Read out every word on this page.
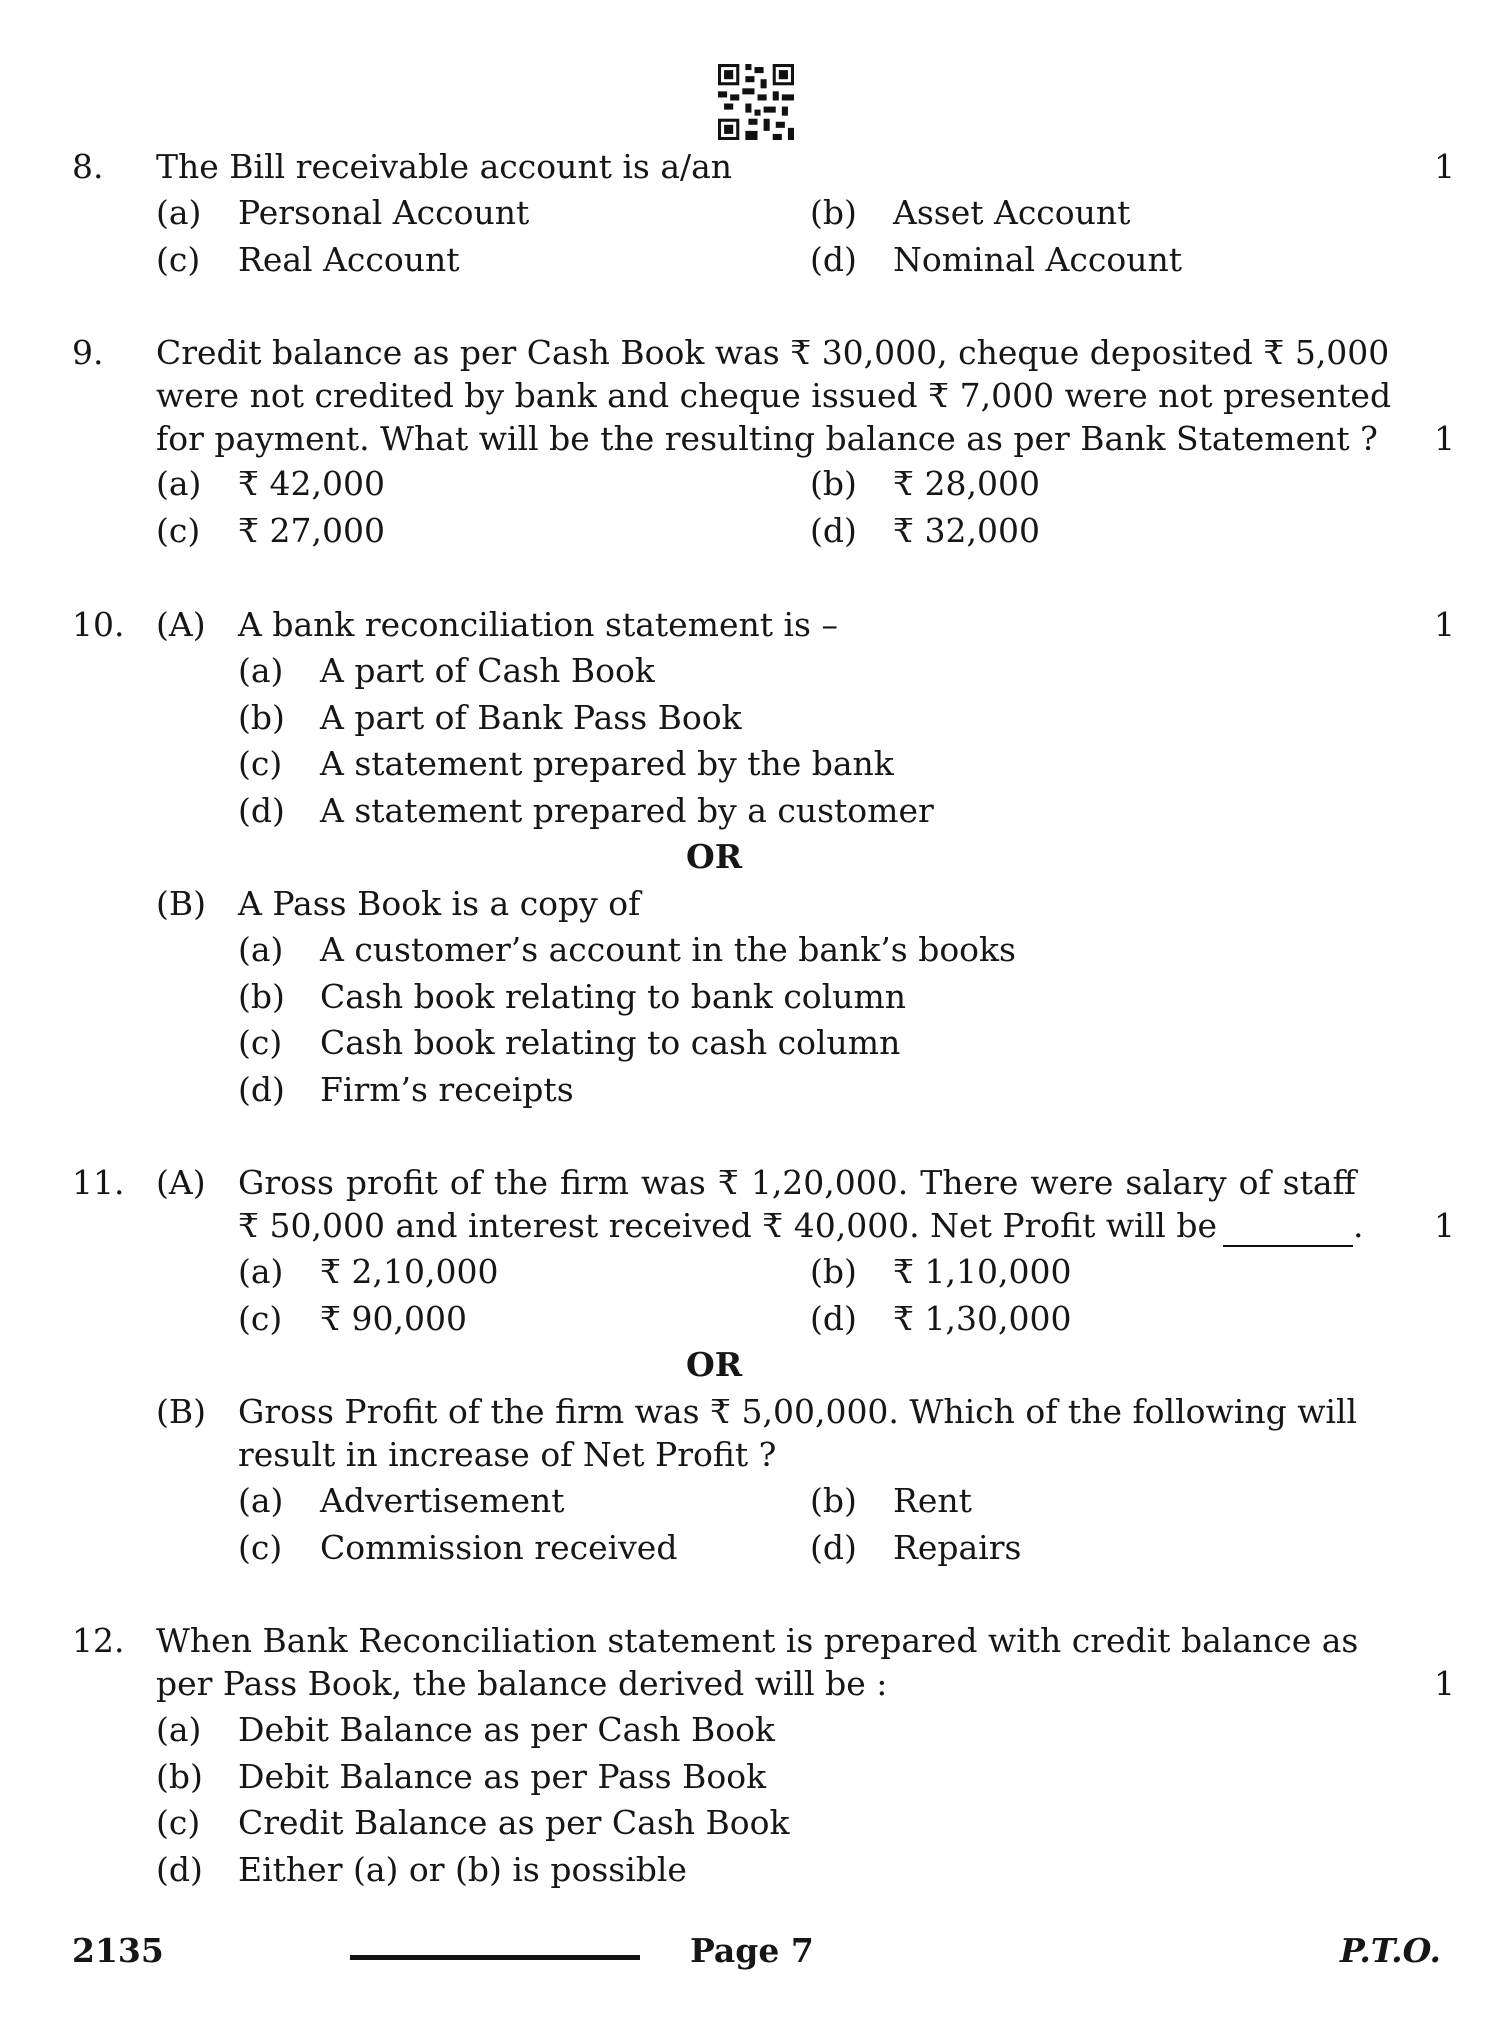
8. The Bill receivable account is a/an	1
(a) Personal Account	(b) Asset Account
(c) Real Account	(d) Nominal Account
9. Credit balance as per Cash Book was ₹ 30,000, cheque deposited ₹ 5,000
were not credited by bank and cheque issued ₹ 7,000 were not presented
for payment. What will be the resulting balance as per Bank Statement ?	1
(a) ₹ 42,000	(b) ₹ 28,000
(c) ₹ 27,000	(d) ₹ 32,000
10. (A) A bank reconciliation statement is –	1
(a) A part of Cash Book
(b) A part of Bank Pass Book
(c) A statement prepared by the bank
(d) A statement prepared by a customer
OR
(B) A Pass Book is a copy of
(a) A customer’s account in the bank’s books
(b) Cash book relating to bank column
(c) Cash book relating to cash column
(d) Firm’s receipts
11. (A) Gross profit of the firm was ₹ 1,20,000. There were salary of staff
₹ 50,000 and interest received ₹ 40,000. Net Profit will be	.	1
(a) ₹ 2,10,000	(b) ₹ 1,10,000
(c) ₹ 90,000	(d) ₹ 1,30,000
OR
(B) Gross Profit of the firm was ₹ 5,00,000. Which of the following will
result in increase of Net Profit ?
(a) Advertisement	(b) Rent
(c) Commission received	(d) Repairs
12. When Bank Reconciliation statement is prepared with credit balance as
per Pass Book, the balance derived will be :	1
(a) Debit Balance as per Cash Book
(b) Debit Balance as per Pass Book
(c) Credit Balance as per Cash Book
(d) Either (a) or (b) is possible
2135	Page 7	P.T.O.
